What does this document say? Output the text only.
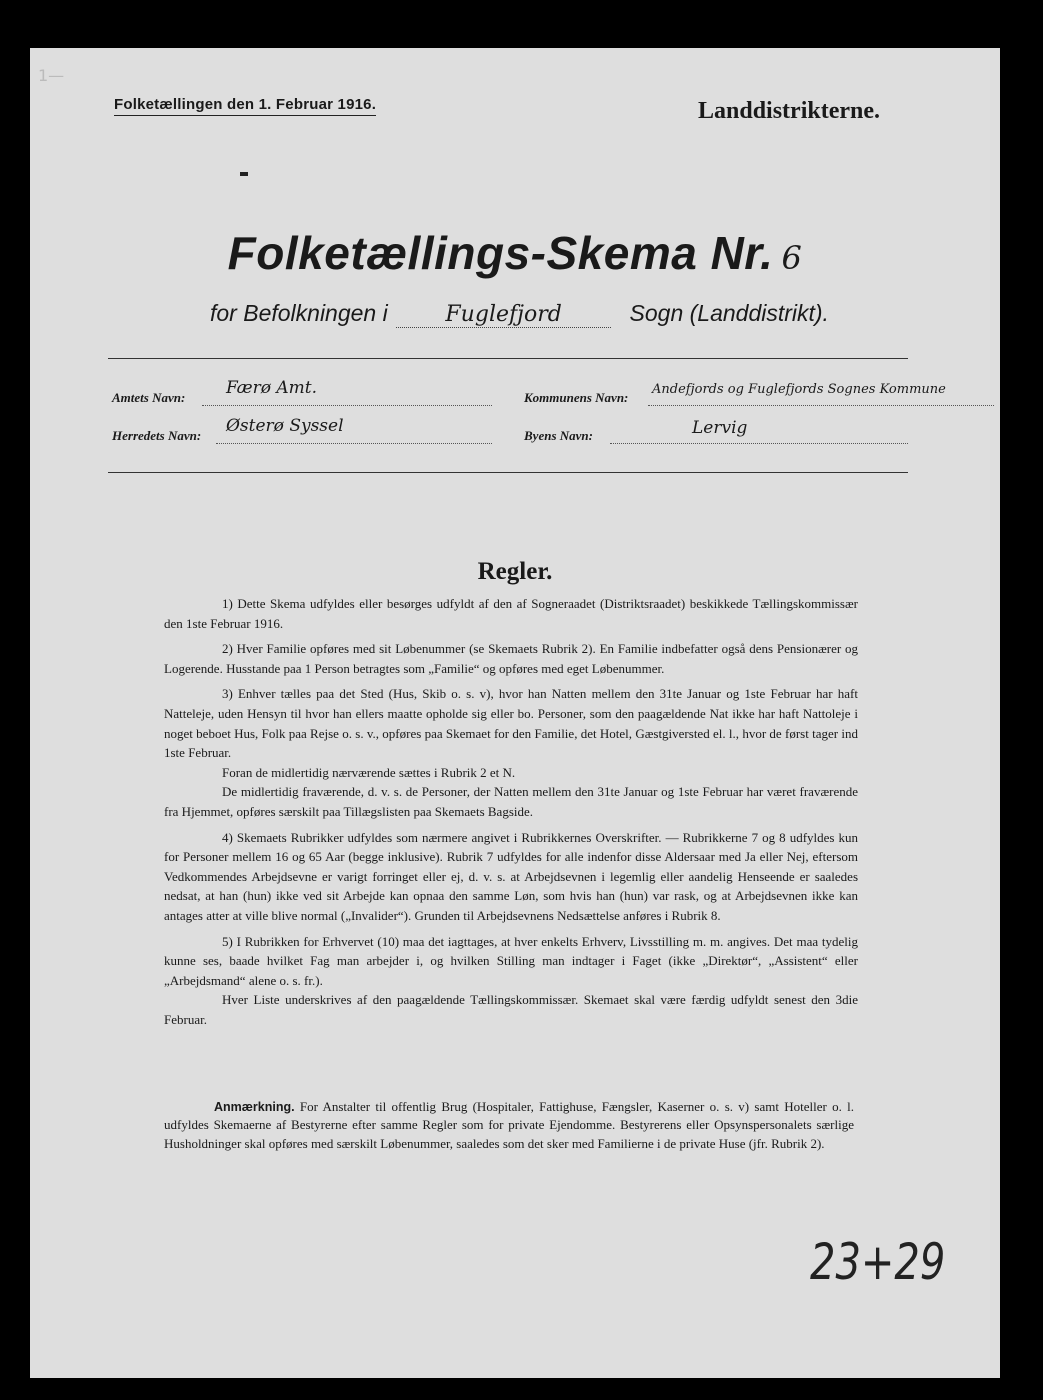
1—
Folketællingen den 1. Februar 1916.	Landdistrikterne.
Folketællings-Skema Nr. 6
for Befolkningen i	Fuglefjord	Sogn (Landdistrikt).
Amtets Navn: Færø Amt.	Kommunens Navn:
Andefjords og Fuglefjords Sognes Kommune
Herredets Navn: Østerø Syssel	Byens Navn:	Lervig
Regler.

1) Dette Skema udfyldes eller besørges udfyldt af den af Sogneraadet (Distriktsraadet) beskikkede Tællingskommissær den 1ste Februar 1916.

2) Hver Familie opføres med sit Løbenummer (se Skemaets Rubrik 2). En Familie indbefatter også dens Pensionærer og Logerende. Husstande paa 1 Person betragtes som „Familie“ og opføres med eget Løbenummer.

3) Enhver tælles paa det Sted (Hus, Skib o. s. v), hvor han Natten mellem den 31te Januar og 1ste Februar har haft Natteleje, uden Hensyn til hvor han ellers maatte opholde sig eller bo. Personer, som den paagældende Nat ikke har haft Nattoleje i noget beboet Hus, Folk paa Rejse o. s. v., opføres paa Skemaet for den Familie, det Hotel, Gæstgiversted el. l., hvor de først tager ind 1ste Februar.

Foran de midlertidig nærværende sættes i Rubrik 2 et N.

De midlertidig fraværende, d. v. s. de Personer, der Natten mellem den 31te Januar og 1ste Februar har været fraværende fra Hjemmet, opføres særskilt paa Tillægslisten paa Skemaets Bagside.

4) Skemaets Rubrikker udfyldes som nærmere angivet i Rubrikkernes Overskrifter. — Rubrikkerne 7 og 8 udfyldes kun for Personer mellem 16 og 65 Aar (begge inklusive). Rubrik 7 udfyldes for alle indenfor disse Aldersaar med Ja eller Nej, eftersom Vedkommendes Arbejdsevne er varigt forringet eller ej, d. v. s. at Arbejdsevnen i legemlig eller aandelig Henseende er saaledes nedsat, at han (hun) ikke ved sit Arbejde kan opnaa den samme Løn, som hvis han (hun) var rask, og at Arbejdsevnen ikke kan antages atter at ville blive normal („Invalider“). Grunden til Arbejdsevnens Nedsættelse anføres i Rubrik 8.

5) I Rubrikken for Erhvervet (10) maa det iagttages, at hver enkelts Erhverv, Livsstilling m. m. angives. Det maa tydelig kunne ses, baade hvilket Fag man arbejder i, og hvilken Stilling man indtager i Faget (ikke „Direktør“, „Assistent“ eller „Arbejdsmand“ alene o. s. fr.).

Hver Liste underskrives af den paagældende Tællingskommissær. Skemaet skal være færdig udfyldt senest den 3die Februar.

Anmærkning. For Anstalter til offentlig Brug (Hospitaler, Fattighuse, Fængsler, Kaserner o. s. v) samt Hoteller o. l. udfyldes Skemaerne af Bestyrerne efter samme Regler som for private Ejendomme. Bestyrerens eller Opsynspersonalets særlige Husholdninger skal opføres med særskilt Løbenummer, saaledes som det sker med Familierne i de private Huse (jfr. Rubrik 2).
23+29
